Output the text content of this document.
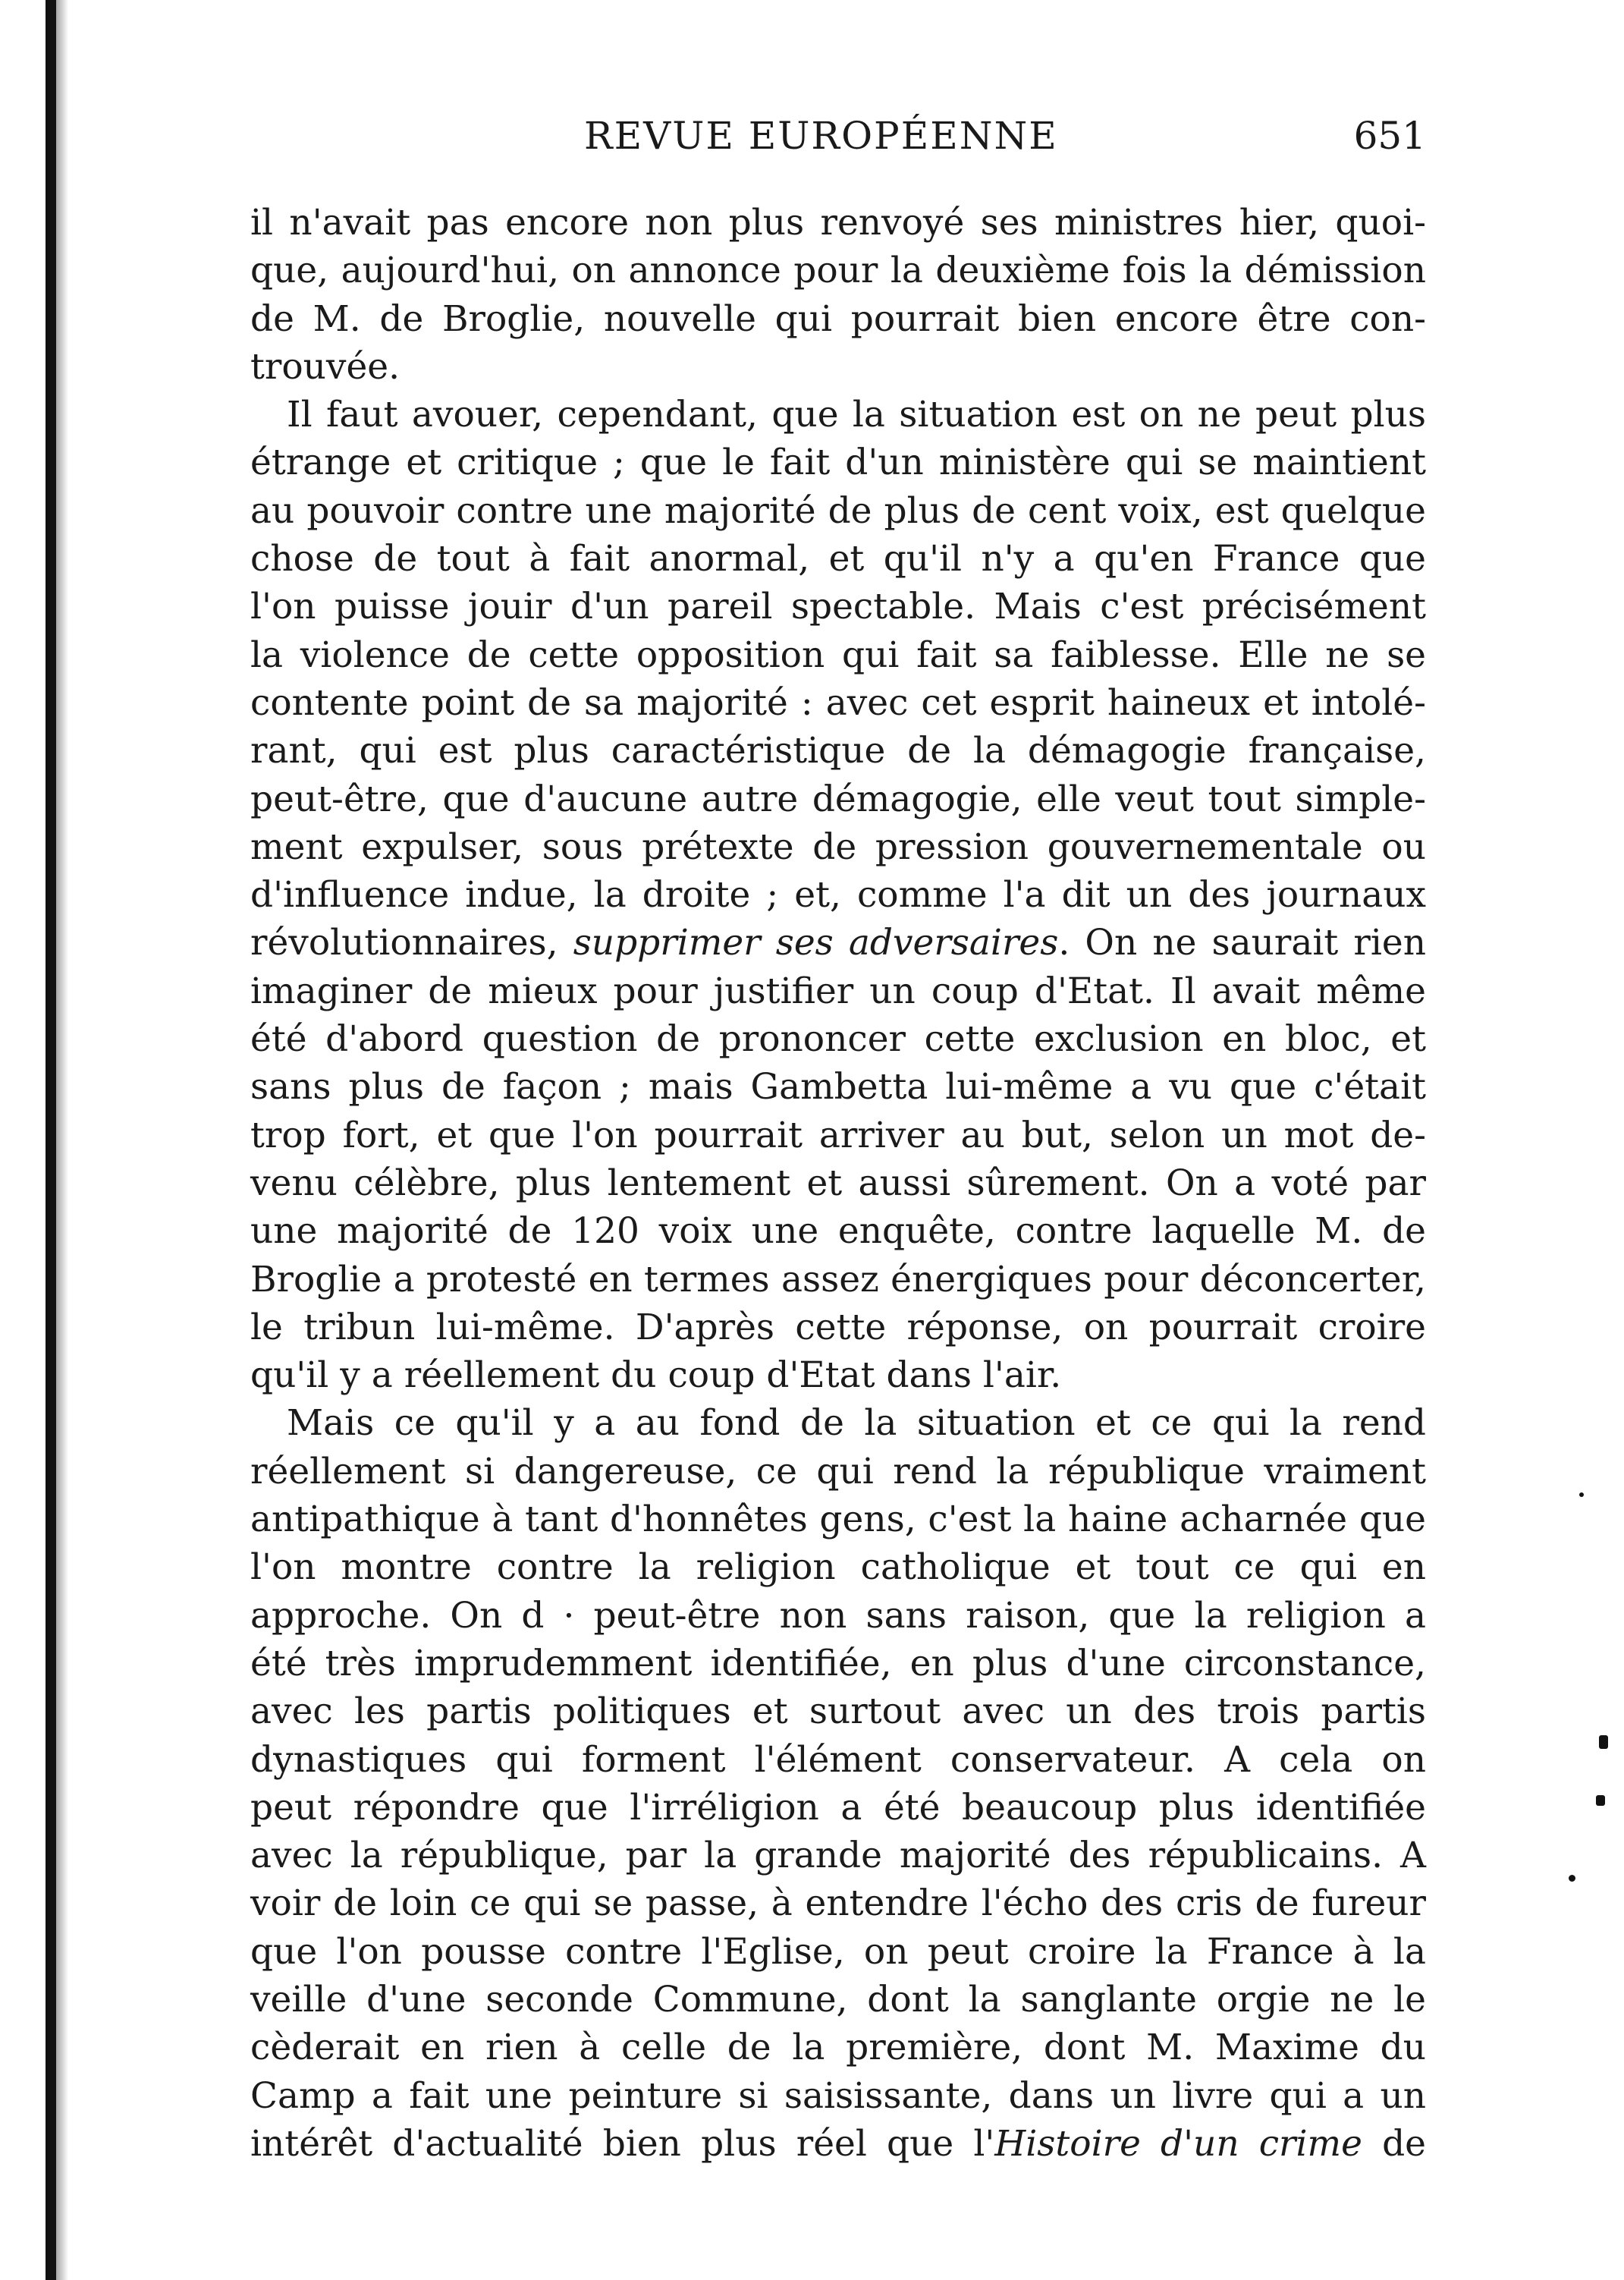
REVUE EUROPÉENNE	651
il n'avait pas encore non plus renvoyé ses ministres hier, quoi-
que, aujourd'hui, on annonce pour la deuxième fois la démission
de M. de Broglie, nouvelle qui pourrait bien encore être con-
trouvée.
Il faut avouer, cependant, que la situation est on ne peut plus
étrange et critique ; que le fait d'un ministère qui se maintient
au pouvoir contre une majorité de plus de cent voix, est quelque
chose de tout à fait anormal, et qu'il n'y a qu'en France que
l'on puisse jouir d'un pareil spectable. Mais c'est précisément
la violence de cette opposition qui fait sa faiblesse. Elle ne se
contente point de sa majorité : avec cet esprit haineux et intolé-
rant, qui est plus caractéristique de la démagogie française,
peut-être, que d'aucune autre démagogie, elle veut tout simple-
ment expulser, sous prétexte de pression gouvernementale ou
d'influence indue, la droite ; et, comme l'a dit un des journaux
révolutionnaires, supprimer ses adversaires. On ne saurait rien
imaginer de mieux pour justifier un coup d'Etat. Il avait même
été d'abord question de prononcer cette exclusion en bloc, et
sans plus de façon ; mais Gambetta lui-même a vu que c'était
trop fort, et que l'on pourrait arriver au but, selon un mot de-
venu célèbre, plus lentement et aussi sûrement. On a voté par
une majorité de 120 voix une enquête, contre laquelle M. de
Broglie a protesté en termes assez énergiques pour déconcerter,
le tribun lui-même. D'après cette réponse, on pourrait croire
qu'il y a réellement du coup d'Etat dans l'air.
Mais ce qu'il y a au fond de la situation et ce qui la rend
réellement si dangereuse, ce qui rend la république vraiment
antipathique à tant d'honnêtes gens, c'est la haine acharnée que
l'on montre contre la religion catholique et tout ce qui en
approche. On d · peut-être non sans raison, que la religion a
été très imprudemment identifiée, en plus d'une circonstance,
avec les partis politiques et surtout avec un des trois partis
dynastiques qui forment l'élément conservateur. A cela on
peut répondre que l'irréligion a été beaucoup plus identifiée
avec la république, par la grande majorité des républicains. A
voir de loin ce qui se passe, à entendre l'écho des cris de fureur
que l'on pousse contre l'Eglise, on peut croire la France à la
veille d'une seconde Commune, dont la sanglante orgie ne le
cèderait en rien à celle de la première, dont M. Maxime du
Camp a fait une peinture si saisissante, dans un livre qui a un
intérêt d'actualité bien plus réel que l'Histoire d'un crime de
